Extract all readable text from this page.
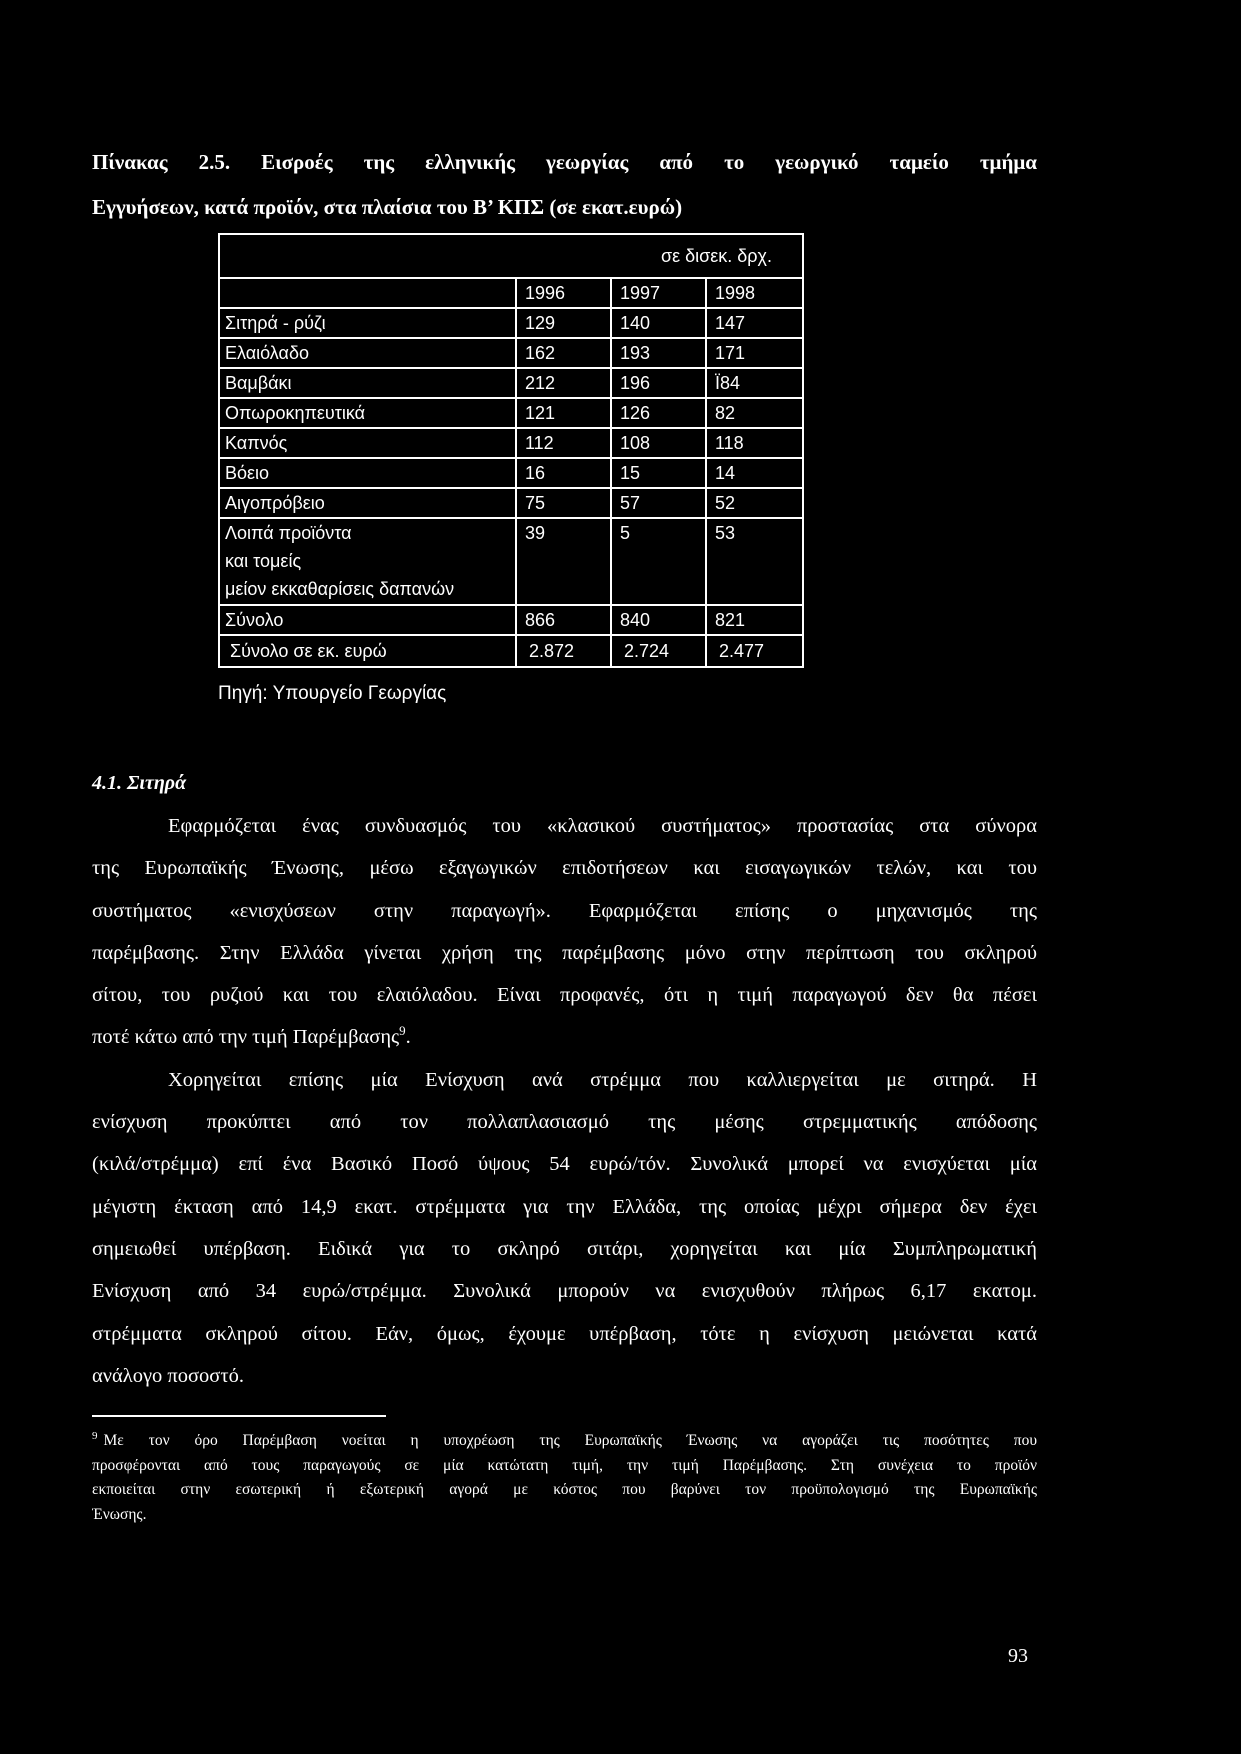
Πίνακας 2.5. Εισροές της ελληνικής γεωργίας από το γεωργικό ταμείο τμήμα
Εγγυήσεων, κατά προϊόν, στα πλαίσια του Β’ ΚΠΣ (σε εκατ.ευρώ)
σε δισεκ. δρχ.			
	1996	1997	1998
Σιτηρά - ρύζι	129	140	147
Ελαιόλαδο	162	193	171
Βαμβάκι	212	196	Ϊ84
Οπωροκηπευτικά	121	126	82
Καπνός	112	108	118
Βόειο	16	15	14
Αιγοπρόβειο	75	57	52

Λοιπά προϊόντα
και τομείς
μείον εκκαθαρίσεις δαπανών	39	5	53

Σύνολο	866	840	821
Σύνολο σε εκ. ευρώ	2.872	2.724	2.477
Πηγή: Υπουργείο Γεωργίας
4.1. Σιτηρά
Εφαρμόζεται ένας συνδυασμός του «κλασικού συστήματος» προστασίας στα σύνορα
της Ευρωπαϊκής Ένωσης, μέσω εξαγωγικών επιδοτήσεων και εισαγωγικών τελών, και του
συστήματος «ενισχύσεων στην παραγωγή». Εφαρμόζεται επίσης ο μηχανισμός της
παρέμβασης. Στην Ελλάδα γίνεται χρήση της παρέμβασης μόνο στην περίπτωση του σκληρού
σίτου, του ρυζιού και του ελαιόλαδου. Είναι προφανές, ότι η τιμή παραγωγού δεν θα πέσει
ποτέ κάτω από την τιμή Παρέμβασης$^9$.
Χορηγείται επίσης μία Ενίσχυση ανά στρέμμα που καλλιεργείται με σιτηρά. Η
ενίσχυση προκύπτει από τον πολλαπλασιασμό της μέσης στρεμματικής απόδοσης
(κιλά/στρέμμα) επί ένα Βασικό Ποσό ύψους 54 ευρώ/τόν. Συνολικά μπορεί να ενισχύεται μία
μέγιστη έκταση από 14,9 εκατ. στρέμματα για την Ελλάδα, της οποίας μέχρι σήμερα δεν έχει
σημειωθεί υπέρβαση. Ειδικά για το σκληρό σιτάρι, χορηγείται και μία Συμπληρωματική
Ενίσχυση από 34 ευρώ/στρέμμα. Συνολικά μπορούν να ενισχυθούν πλήρως 6,17 εκατομ.
στρέμματα σκληρού σίτου. Εάν, όμως, έχουμε υπέρβαση, τότε η ενίσχυση μειώνεται κατά
ανάλογο ποσοστό.
$^9$ Με τον όρο Παρέμβαση νοείται η υποχρέωση της Ευρωπαϊκής Ένωσης να αγοράζει τις ποσότητες που
προσφέρονται από τους παραγωγούς σε μία κατώτατη τιμή, την τιμή Παρέμβασης. Στη συνέχεια το προϊόν
εκποιείται στην εσωτερική ή εξωτερική αγορά με κόστος που βαρύνει τον προϋπολογισμό της Ευρωπαϊκής
Ένωσης.
93
